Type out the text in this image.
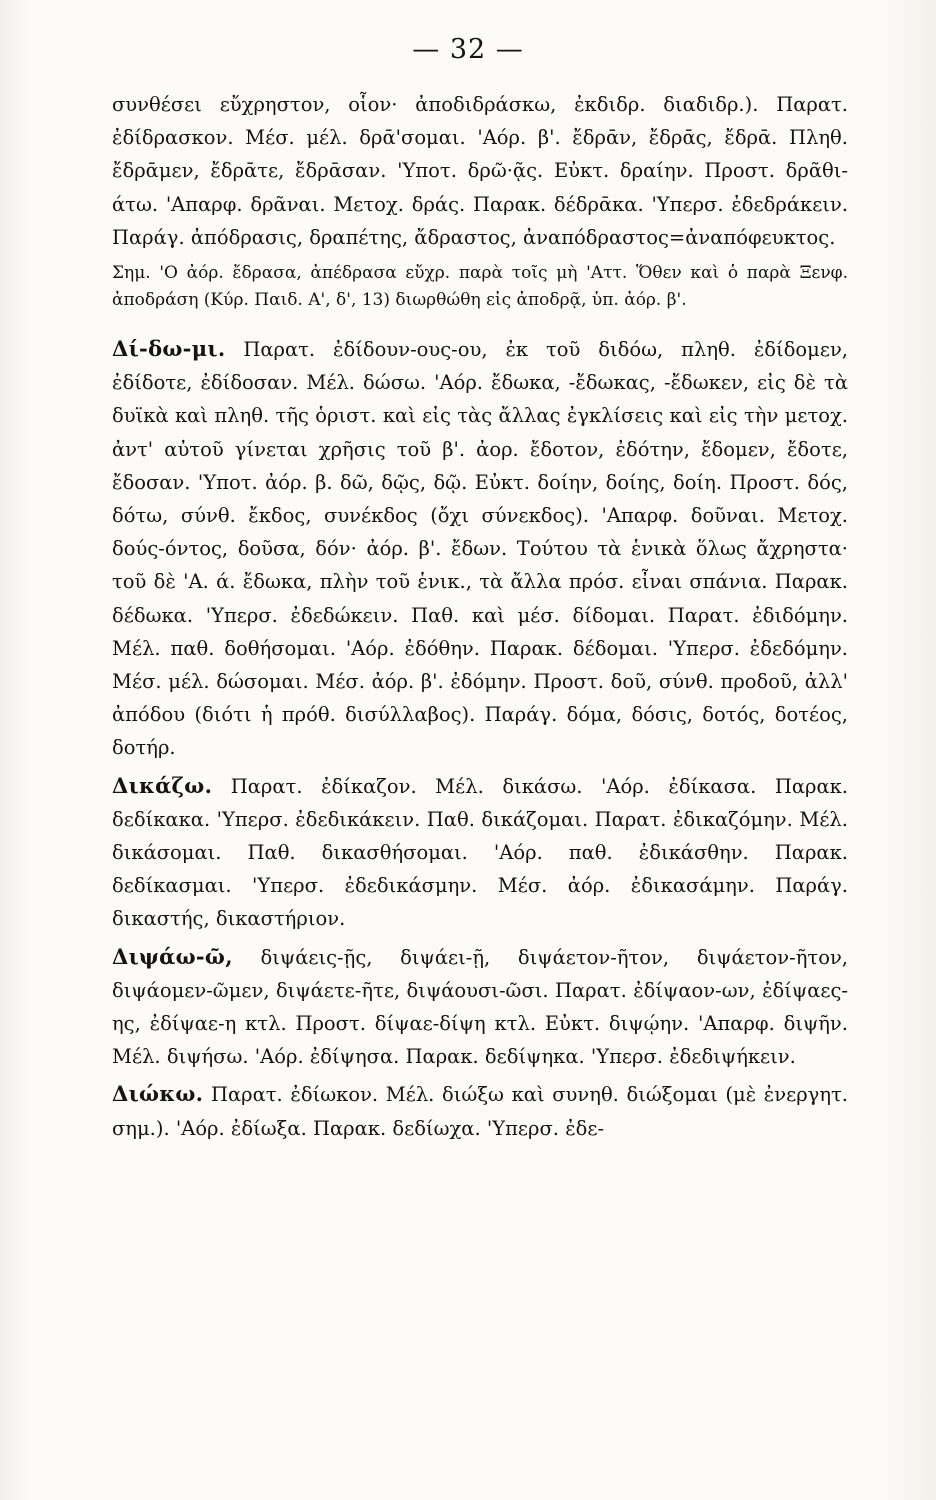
— 32 —

συνθέσει εὔχρηστον, οἷον· ἀποδιδράσκω, ἐκδιδρ. διαδιδρ.). Παρατ. ἐδίδρασκον. Μέσ. μέλ. δρᾱ'σομαι. 'Αόρ. β'. ἔδρᾱν, ἔδρᾱς, ἔδρᾱ. Πληθ. ἔδρᾱμεν, ἔδρᾱτε, ἔδρᾱσαν. 'Υποτ. δρῶ·ᾷς. Εὐκτ. δραίην. Προστ. δρᾶθι-άτω. 'Απαρφ. δρᾶναι. Μετοχ. δράς. Παρακ. δέδρᾱκα. 'Υπερσ. ἐδεδράκειν. Παράγ. ἀπόδρασις, δραπέτης, ἄδραστος, ἀναπόδραστος=ἀναπόφευκτος.

Σημ. 'Ο ἀόρ. ἔδρασα, ἀπέδρασα εὔχρ. παρὰ τοῖς μὴ 'Αττ. Ὅθεν καὶ ὁ παρὰ Ξενφ. ἀποδράση (Κύρ. Παιδ. Α', δ', 13) διωρθώθη εἰς ἀποδρᾷ, ὑπ. ἀόρ. β'.

Δί-δω-μι. Παρατ. ἐδίδουν-ους-ου, ἐκ τοῦ διδόω, πληθ. ἐδίδομεν, ἐδίδοτε, ἐδίδοσαν. Μέλ. δώσω. 'Αόρ. ἔδωκα, -ἔδωκας, -ἔδωκεν, εἰς δὲ τὰ δυϊκὰ καὶ πληθ. τῆς ὁριστ. καὶ εἰς τὰς ἄλλας ἐγκλίσεις καὶ εἰς τὴν μετοχ. ἀντ' αὐτοῦ γίνεται χρῆσις τοῦ β'. ἀορ. ἔδοτον, ἐδότην, ἔδομεν, ἔδοτε, ἔδοσαν. 'Υποτ. ἀόρ. β. δῶ, δῷς, δῷ. Εὐκτ. δοίην, δοίης, δοίη. Προστ. δός, δότω, σύνθ. ἔκδος, συνέκδος (ὄχι σύνεκδος). 'Απαρφ. δοῦναι. Μετοχ. δούς-όντος, δοῦσα, δόν· ἀόρ. β'. ἔδων. Τούτου τὰ ἑνικὰ ὅλως ἄχρηστα· τοῦ δὲ 'Α. ά. ἔδωκα, πλὴν τοῦ ἑνικ., τὰ ἄλλα πρόσ. εἶναι σπάνια. Παρακ. δέδωκα. 'Υπερσ. ἐδεδώκειν. Παθ. καὶ μέσ. δίδομαι. Παρατ. ἐδιδόμην. Μέλ. παθ. δοθήσομαι. 'Αόρ. ἐδόθην. Παρακ. δέδομαι. 'Υπερσ. ἐδεδόμην. Μέσ. μέλ. δώσομαι. Μέσ. ἀόρ. β'. ἐδόμην. Προστ. δοῦ, σύνθ. προδοῦ, ἀλλ' ἀπόδου (διότι ἡ πρόθ. δισύλλαβος). Παράγ. δόμα, δόσις, δοτός, δοτέος, δοτήρ.

Δικάζω. Παρατ. ἐδίκαζον. Μέλ. δικάσω. 'Αόρ. ἐδίκασα. Παρακ. δεδίκακα. 'Υπερσ. ἐδεδικάκειν. Παθ. δικάζομαι. Παρατ. ἐδικαζόμην. Μέλ. δικάσομαι. Παθ. δικασθήσομαι. 'Αόρ. παθ. ἐδικάσθην. Παρακ. δεδίκασμαι. 'Υπερσ. ἐδεδικάσμην. Μέσ. ἀόρ. ἐδικασάμην. Παράγ. δικαστής, δικαστήριον.

Διψάω-ῶ, διψάεις-ῇς, διψάει-ῇ, διψάετον-ῆτον, διψάετον-ῆτον, διψάομεν-ῶμεν, διψάετε-ῆτε, διψάουσι-ῶσι. Παρατ. ἐδίψαον-ων, ἐδίψαες-ης, ἐδίψαε-η κτλ. Προστ. δίψαε-δίψη κτλ. Εὐκτ. διψῴην. 'Απαρφ. διψῆν. Μέλ. διψήσω. 'Αόρ. ἐδίψησα. Παρακ. δεδίψηκα. 'Υπερσ. ἐδεδιψήκειν.

Διώκω. Παρατ. ἐδίωκον. Μέλ. διώξω καὶ συνηθ. διώξομαι (μὲ ἐνεργητ. σημ.). 'Αόρ. ἐδίωξα. Παρακ. δεδίωχα. 'Υπερσ. ἐδε-
